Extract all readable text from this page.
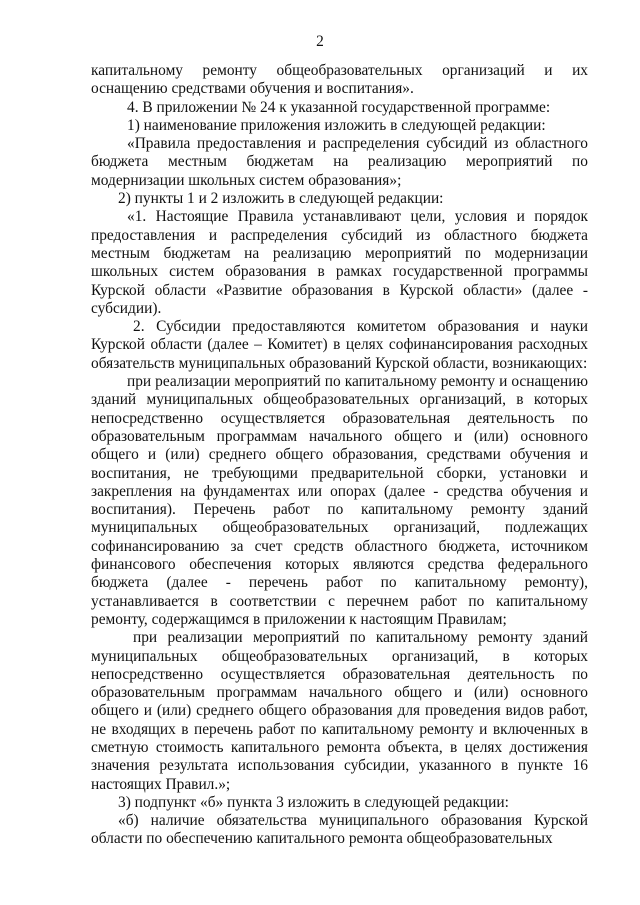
2

капитальному ремонту общеобразовательных организаций и их оснащению средствами обучения и воспитания».

4. В приложении № 24 к указанной государственной программе:

1) наименование приложения изложить в следующей редакции:

«Правила предоставления и распределения субсидий из областного бюджета местным бюджетам на реализацию мероприятий по модернизации школьных систем образования»;

2) пункты 1 и 2 изложить в следующей редакции:

«1. Настоящие Правила устанавливают цели, условия и порядок предоставления и распределения субсидий из областного бюджета местным бюджетам на реализацию мероприятий по модернизации школьных систем образования в рамках государственной программы Курской области «Развитие образования в Курской области» (далее - субсидии).

2. Субсидии предоставляются комитетом образования и науки Курской области (далее – Комитет) в целях софинансирования расходных обязательств муниципальных образований Курской области, возникающих:

при реализации мероприятий по капитальному ремонту и оснащению зданий муниципальных общеобразовательных организаций, в которых непосредственно осуществляется образовательная деятельность по образовательным программам начального общего и (или) основного общего и (или) среднего общего образования, средствами обучения и воспитания, не требующими предварительной сборки, установки и закрепления на фундаментах или опорах (далее - средства обучения и воспитания). Перечень работ по капитальному ремонту зданий муниципальных общеобразовательных организаций, подлежащих софинансированию за счет средств областного бюджета, источником финансового обеспечения которых являются средства федерального бюджета (далее - перечень работ по капитальному ремонту), устанавливается в соответствии с перечнем работ по капитальному ремонту, содержащимся в приложении к настоящим Правилам;

при реализации мероприятий по капитальному ремонту зданий муниципальных общеобразовательных организаций, в которых непосредственно осуществляется образовательная деятельность по образовательным программам начального общего и (или) основного общего и (или) среднего общего образования для проведения видов работ, не входящих в перечень работ по капитальному ремонту и включенных в сметную стоимость капитального ремонта объекта, в целях достижения значения результата использования субсидии, указанного в пункте 16 настоящих Правил.»;

3) подпункт «б» пункта 3 изложить в следующей редакции:

«б) наличие обязательства муниципального образования Курской области по обеспечению капитального ремонта общеобразовательных
